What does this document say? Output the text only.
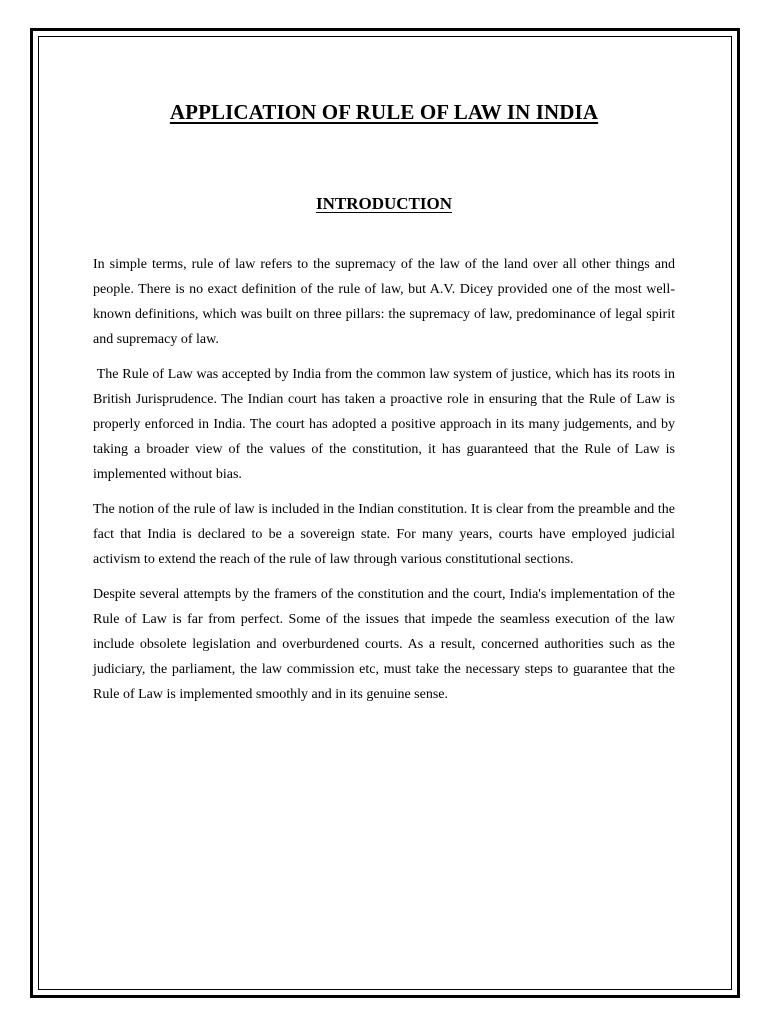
APPLICATION OF RULE OF LAW IN INDIA
INTRODUCTION

In simple terms, rule of law refers to the supremacy of the law of the land over all other things and people. There is no exact definition of the rule of law, but A.V. Dicey provided one of the most well-known definitions, which was built on three pillars: the supremacy of law, predominance of legal spirit and supremacy of law.

The Rule of Law was accepted by India from the common law system of justice, which has its roots in British Jurisprudence. The Indian court has taken a proactive role in ensuring that the Rule of Law is properly enforced in India. The court has adopted a positive approach in its many judgements, and by taking a broader view of the values of the constitution, it has guaranteed that the Rule of Law is implemented without bias.

The notion of the rule of law is included in the Indian constitution. It is clear from the preamble and the fact that India is declared to be a sovereign state. For many years, courts have employed judicial activism to extend the reach of the rule of law through various constitutional sections.

Despite several attempts by the framers of the constitution and the court, India's implementation of the Rule of Law is far from perfect. Some of the issues that impede the seamless execution of the law include obsolete legislation and overburdened courts. As a result, concerned authorities such as the judiciary, the parliament, the law commission etc, must take the necessary steps to guarantee that the Rule of Law is implemented smoothly and in its genuine sense.
